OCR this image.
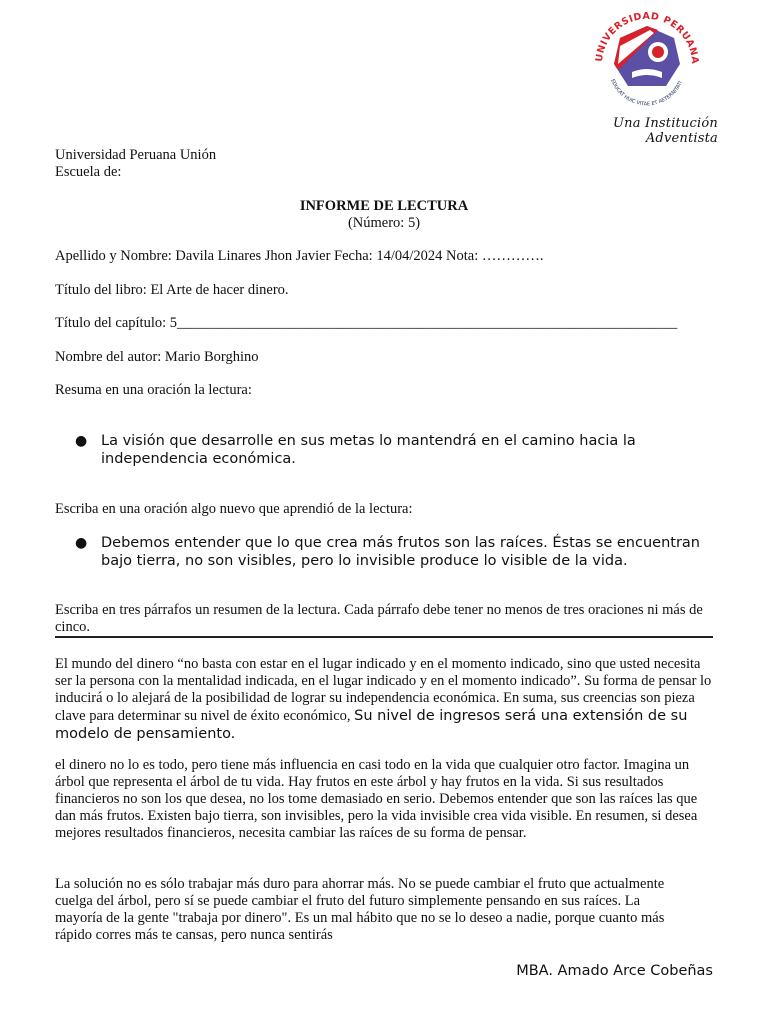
UNIVERSIDAD PERUANA
EDUCAT HUIC VITAE ET AETERNITATI
Una Institución Adventista
Universidad Peruana Unión
Escuela de:
INFORME DE LECTURA
(Número: 5)
Apellido y Nombre: Davila Linares Jhon Javier Fecha: 14/04/2024 Nota: ………….
Título del libro: El Arte de hacer dinero.
Título del capítulo: 5_____________________________________________________________________
Nombre del autor: Mario Borghino
Resuma en una oración la lectura:
● La visión que desarrolle en sus metas lo mantendrá en el camino hacia la independencia económica.
Escriba en una oración algo nuevo que aprendió de la lectura:
● Debemos entender que lo que crea más frutos son las raíces. Éstas se encuentran bajo tierra, no son visibles, pero lo invisible produce lo visible de la vida.
Escriba en tres párrafos un resumen de la lectura. Cada párrafo debe tener no menos de tres oraciones ni más de cinco.
El mundo del dinero “no basta con estar en el lugar indicado y en el momento indicado, sino que usted necesita ser la persona con la mentalidad indicada, en el lugar indicado y en el momento indicado”. Su forma de pensar lo inducirá o lo alejará de la posibilidad de lograr su independencia económica. En suma, sus creencias son pieza clave para determinar su nivel de éxito económico, Su nivel de ingresos será una extensión de su modelo de pensamiento.
el dinero no lo es todo, pero tiene más influencia en casi todo en la vida que cualquier otro factor. Imagina un árbol que representa el árbol de tu vida. Hay frutos en este árbol y hay frutos en la vida. Si sus resultados financieros no son los que desea, no los tome demasiado en serio. Debemos entender que son las raíces las que dan más frutos. Existen bajo tierra, son invisibles, pero la vida invisible crea vida visible. En resumen, si desea mejores resultados financieros, necesita cambiar las raíces de su forma de pensar.
La solución no es sólo trabajar más duro para ahorrar más. No se puede cambiar el fruto que actualmente cuelga del árbol, pero sí se puede cambiar el fruto del futuro simplemente pensando en sus raíces. La mayoría de la gente "trabaja por dinero". Es un mal hábito que no se lo deseo a nadie, porque cuanto más rápido corres más te cansas, pero nunca sentirás
MBA. Amado Arce Cobeñas
